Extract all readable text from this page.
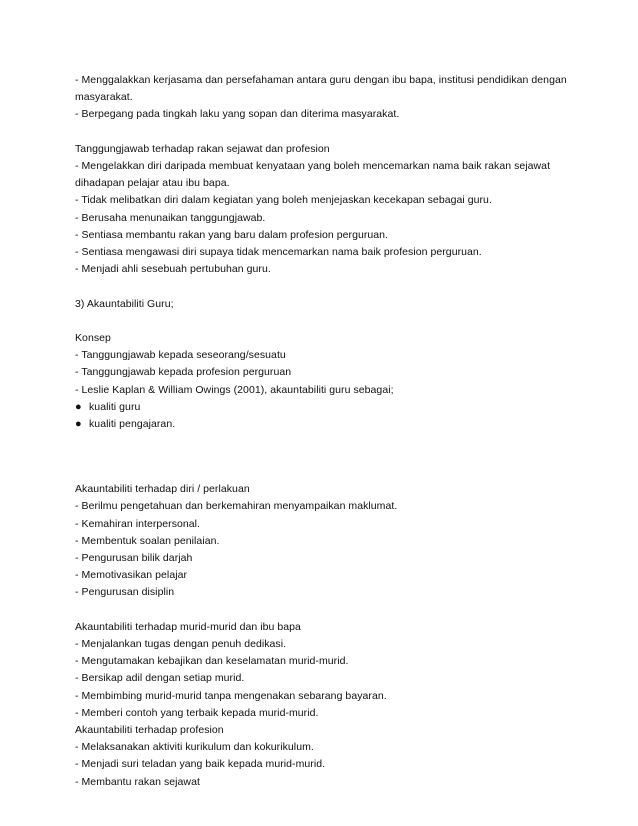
- Menggalakkan kerjasama dan persefahaman antara guru dengan ibu bapa, institusi pendidikan dengan
masyarakat.
- Berpegang pada tingkah laku yang sopan dan diterima masyarakat.
Tanggungjawab terhadap rakan sejawat dan profesion
- Mengelakkan diri daripada membuat kenyataan yang boleh mencemarkan nama baik rakan sejawat
dihadapan pelajar atau ibu bapa.
- Tidak melibatkan diri dalam kegiatan yang boleh menjejaskan kecekapan sebagai guru.
- Berusaha menunaikan tanggungjawab.
- Sentiasa membantu rakan yang baru dalam profesion perguruan.
- Sentiasa mengawasi diri supaya tidak mencemarkan nama baik profesion perguruan.
- Menjadi ahli sesebuah pertubuhan guru.
3) Akauntabiliti Guru;
Konsep
- Tanggungjawab kepada seseorang/sesuatu
- Tanggungjawab kepada profesion perguruan
- Leslie Kaplan & William Owings (2001), akauntabiliti guru sebagai;
● kualiti guru
● kualiti pengajaran.
Akauntabiliti terhadap diri / perlakuan
- Berilmu pengetahuan dan berkemahiran menyampaikan maklumat.
- Kemahiran interpersonal.
- Membentuk soalan penilaian.
- Pengurusan bilik darjah
- Memotivasikan pelajar
- Pengurusan disiplin
Akauntabiliti terhadap murid-murid dan ibu bapa
- Menjalankan tugas dengan penuh dedikasi.
- Mengutamakan kebajikan dan keselamatan murid-murid.
- Bersikap adil dengan setiap murid.
- Membimbing murid-murid tanpa mengenakan sebarang bayaran.
- Memberi contoh yang terbaik kepada murid-murid.
Akauntabiliti terhadap profesion
- Melaksanakan aktiviti kurikulum dan kokurikulum.
- Menjadi suri teladan yang baik kepada murid-murid.
- Membantu rakan sejawat
